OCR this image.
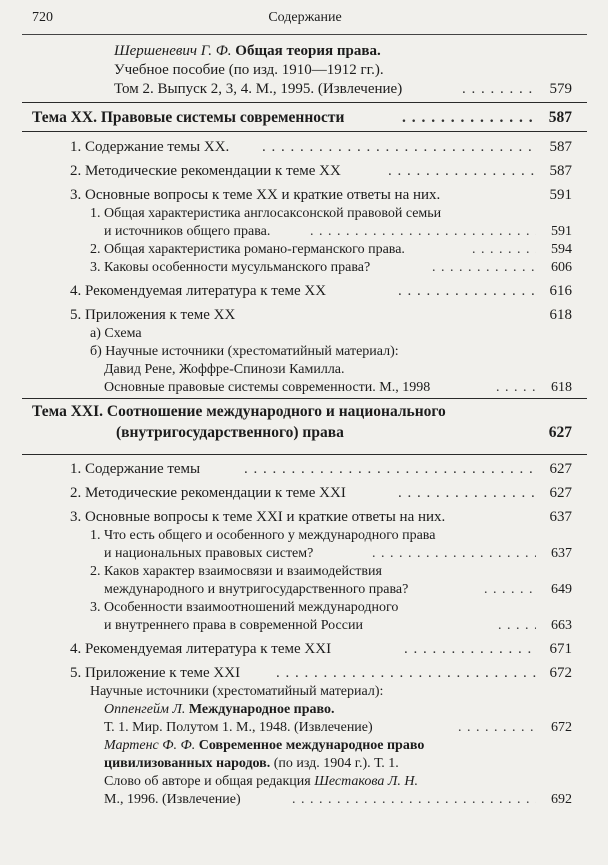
720	Содержание
Шершеневич Г. Ф. Общая теория права.
Учебное пособие (по изд. 1910—1912 гг.).
Том 2. Выпуск 2, 3, 4. М., 1995. (Извлечение) . . .	579
Тема XX. Правовые системы современности . . .	587
1. Содержание темы XX. . . .	587
2. Методические рекомендации к теме XX . . .	587
3. Основные вопросы к теме XX и краткие ответы на них.	591
1. Общая характеристика англосаксонской правовой семьи
и источников общего права. . . .	591
2. Общая характеристика романо-германского права. . . .	594
3. Каковы особенности мусульманского права? . . .	606
4. Рекомендуемая литература к теме XX . . .	616
5. Приложения к теме XX	618
а) Схема
б) Научные источники (хрестоматийный материал):
Давид Рене, Жоффре-Спинози Камилла.
Основные правовые системы современности. М., 1998 . . .	618
Тема XXI. Соотношение международного и национального
(внутригосударственного) права	627
1. Содержание темы . . .	627
2. Методические рекомендации к теме XXI . . .	627
3. Основные вопросы к теме XXI и краткие ответы на них.	637
1. Что есть общего и особенного у международного права
и национальных правовых систем? . . .	637
2. Каков характер взаимосвязи и взаимодействия
международного и внутригосударственного права? . . .	649
3. Особенности взаимоотношений международного
и внутреннего права в современной России . . .	663
4. Рекомендуемая литература к теме XXI . . .	671
5. Приложение к теме XXI . . .	672
Научные источники (хрестоматийный материал):
Оппенгейм Л. Международное право.
Т. 1. Мир. Полутом 1. М., 1948. (Извлечение) . . .	672
Мартенс Ф. Ф. Современное международное право
цивилизованных народов. (по изд. 1904 г.). Т. 1.
Слово об авторе и общая редакция Шестакова Л. Н.
М., 1996. (Извлечение) . . .	692
